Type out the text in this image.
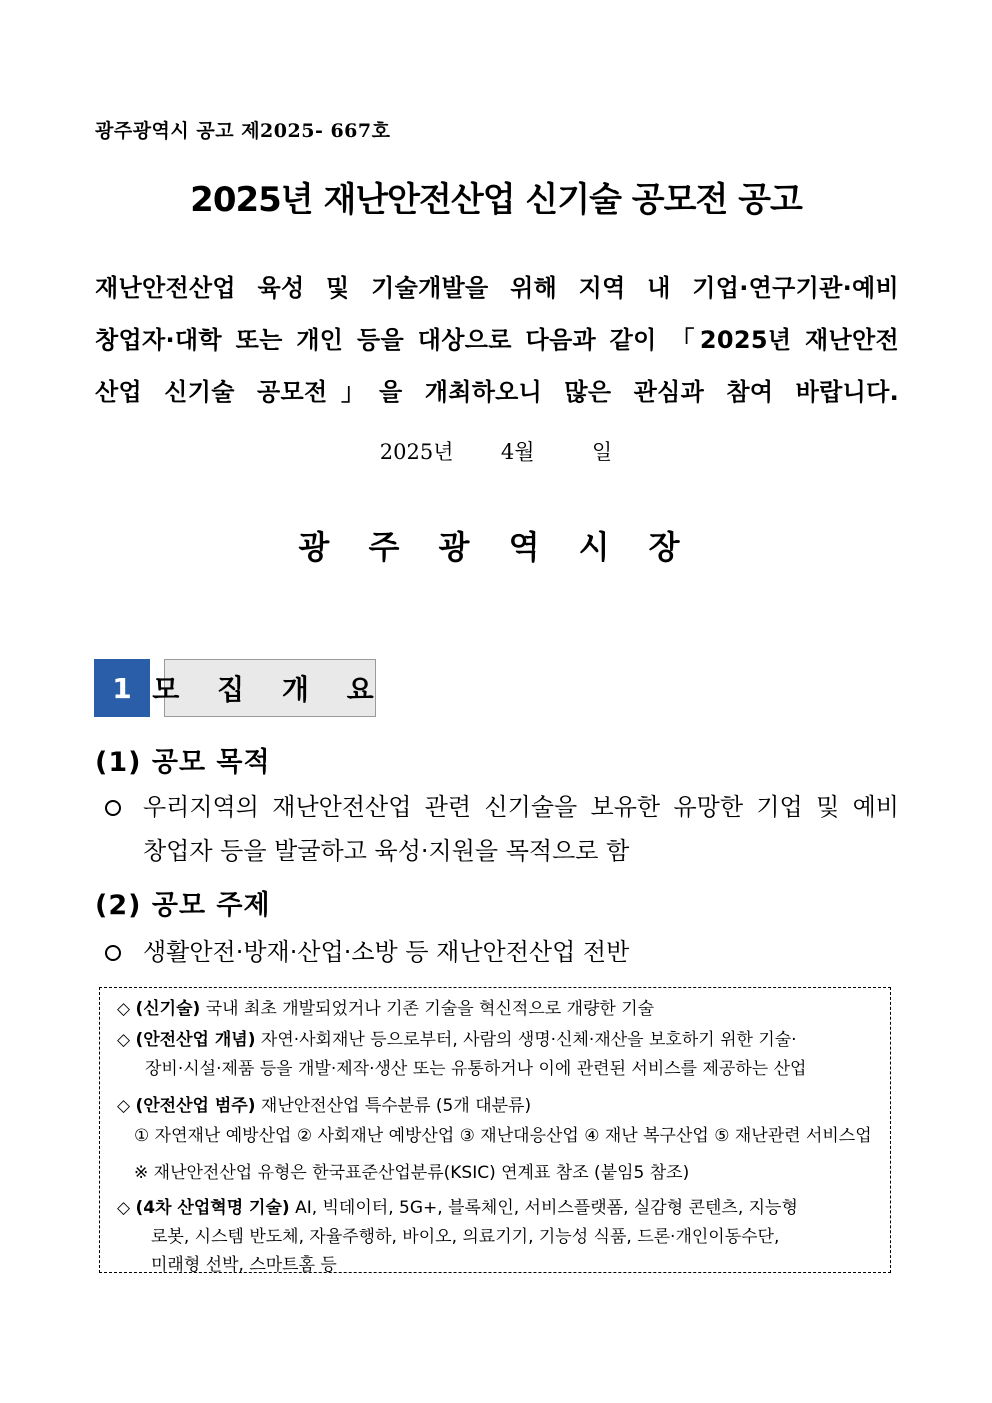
광주광역시 공고 제2025- 667호
2025년 재난안전산업 신기술 공모전 공고
재난안전산업 육성 및 기술개발을 위해 지역 내 기업·연구기관·예비
창업자·대학 또는 개인 등을 대상으로 다음과 같이 「2025년 재난안전
산업 신기술 공모전」을 개최하오니 많은 관심과 참여 바랍니다.
2025년 4월	일
광 주 광 역 시 장
1 모 집 개 요
(1) 공모 목적
우리지역의 재난안전산업 관련 신기술을 보유한 유망한 기업 및 예비
창업자 등을 발굴하고 육성·지원을 목적으로 함
(2) 공모 주제
생활안전·방재·산업·소방 등 재난안전산업 전반
◇ (신기술) 국내 최초 개발되었거나 기존 기술을 혁신적으로 개량한 기술
◇ (안전산업 개념) 자연·사회재난 등으로부터, 사람의 생명·신체·재산을 보호하기 위한 기술·
장비·시설·제품 등을 개발·제작·생산 또는 유통하거나 이에 관련된 서비스를 제공하는 산업
◇ (안전산업 범주) 재난안전산업 특수분류 (5개 대분류)
① 자연재난 예방산업 ② 사회재난 예방산업 ③ 재난대응산업 ④ 재난 복구산업 ⑤ 재난관련 서비스업
※ 재난안전산업 유형은 한국표준산업분류(KSIC) 연계표 참조 (붙임5 참조)
◇ (4차 산업혁명 기술) AI, 빅데이터, 5G+, 블록체인, 서비스플랫폼, 실감형 콘텐츠, 지능형
로봇, 시스템 반도체, 자율주행하, 바이오, 의료기기, 기능성 식품, 드론·개인이동수단,
미래형 선박, 스마트홈 등
